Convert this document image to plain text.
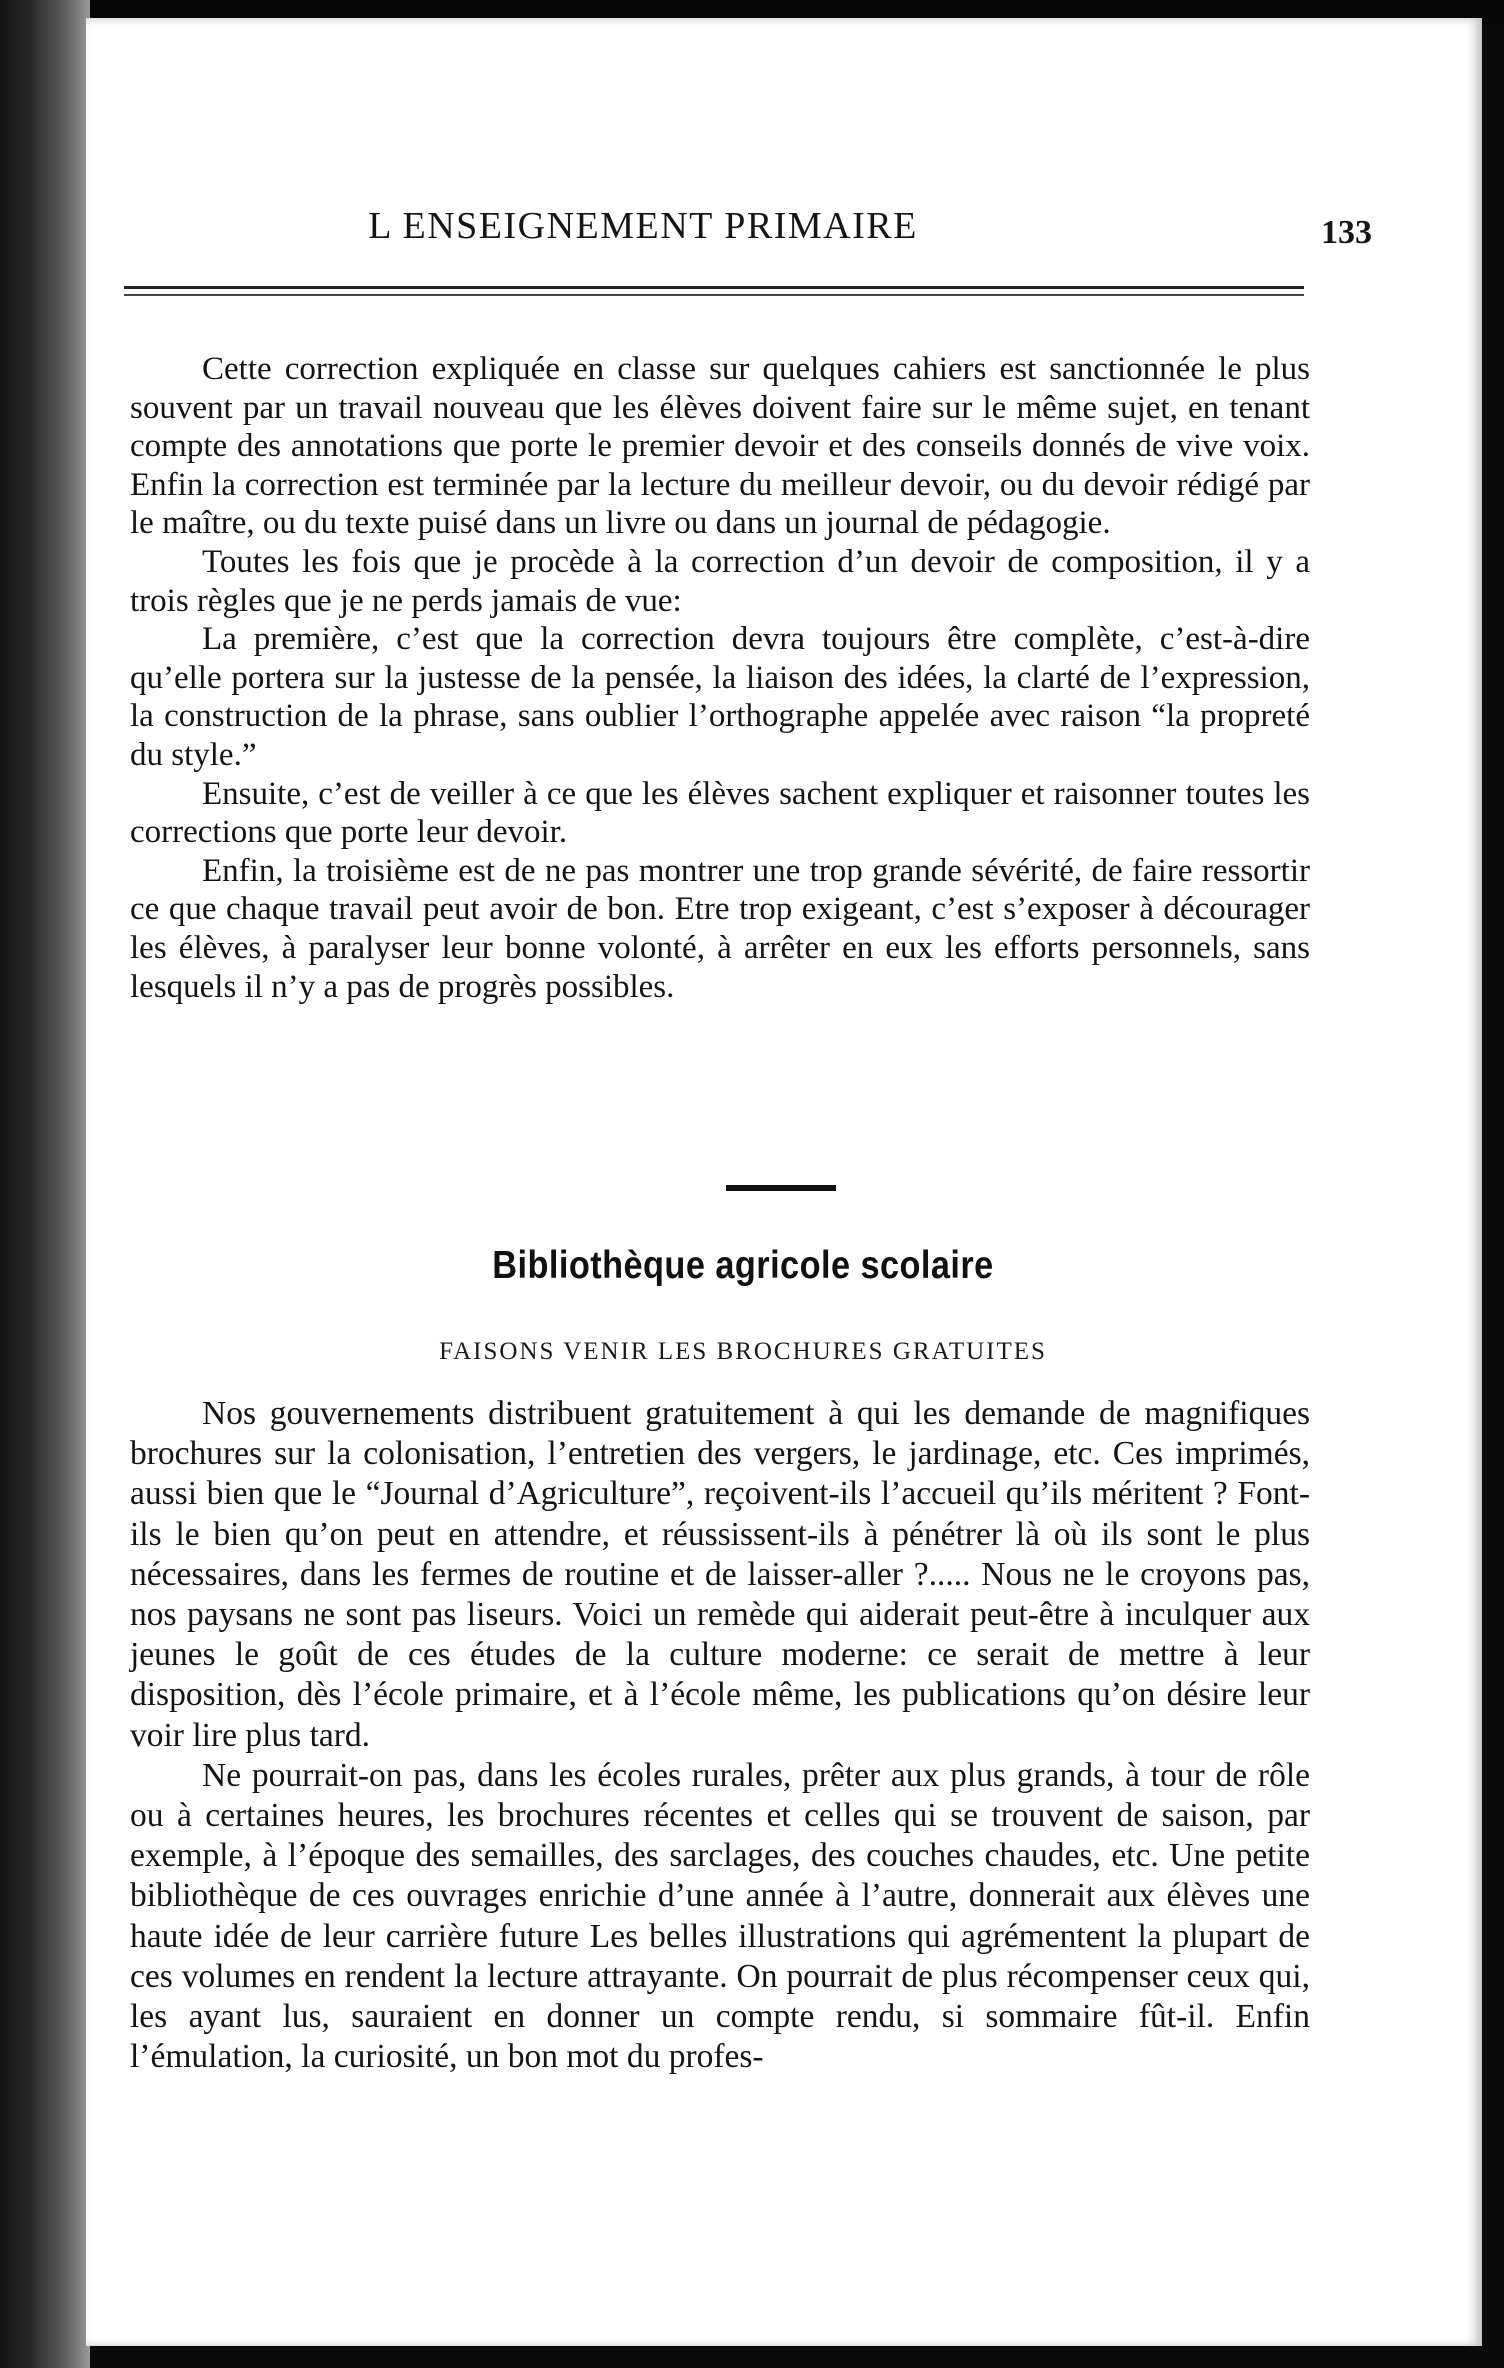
L ENSEIGNEMENT PRIMAIRE	133

Cette correction expliquée en classe sur quelques cahiers est sanctionnée le plus souvent par un travail nouveau que les élèves doivent faire sur le même sujet, en tenant compte des annotations que porte le premier devoir et des conseils donnés de vive voix. Enfin la correction est terminée par la lecture du meilleur devoir, ou du devoir rédigé par le maître, ou du texte puisé dans un livre ou dans un journal de pédagogie.

Toutes les fois que je procède à la correction d’un devoir de composition, il y a trois règles que je ne perds jamais de vue:

La première, c’est que la correction devra toujours être complète, c’est-à-dire qu’elle portera sur la justesse de la pensée, la liaison des idées, la clarté de l’expression, la construction de la phrase, sans oublier l’orthographe appelée avec raison “la propreté du style.”

Ensuite, c’est de veiller à ce que les élèves sachent expliquer et raisonner toutes les corrections que porte leur devoir.

Enfin, la troisième est de ne pas montrer une trop grande sévérité, de faire ressortir ce que chaque travail peut avoir de bon. Etre trop exigeant, c’est s’exposer à décourager les élèves, à paralyser leur bonne volonté, à arrêter en eux les efforts personnels, sans lesquels il n’y a pas de progrès possibles.

Bibliothèque agricole scolaire
FAISONS VENIR LES BROCHURES GRATUITES

Nos gouvernements distribuent gratuitement à qui les demande de magnifiques brochures sur la colonisation, l’entretien des vergers, le jardinage, etc. Ces imprimés, aussi bien que le “Journal d’Agriculture”, reçoivent-ils l’accueil qu’ils méritent ? Font-ils le bien qu’on peut en attendre, et réussissent-ils à pénétrer là où ils sont le plus nécessaires, dans les fermes de routine et de laisser-aller ?..... Nous ne le croyons pas, nos paysans ne sont pas liseurs. Voici un remède qui aiderait peut-être à inculquer aux jeunes le goût de ces études de la culture moderne: ce serait de mettre à leur disposition, dès l’école primaire, et à l’école même, les publications qu’on désire leur voir lire plus tard.

Ne pourrait-on pas, dans les écoles rurales, prêter aux plus grands, à tour de rôle ou à certaines heures, les brochures récentes et celles qui se trouvent de saison, par exemple, à l’époque des semailles, des sarclages, des couches chaudes, etc. Une petite bibliothèque de ces ouvrages enrichie d’une année à l’autre, donnerait aux élèves une haute idée de leur carrière future Les belles illustrations qui agrémentent la plupart de ces volumes en rendent la lecture attrayante. On pourrait de plus récompenser ceux qui, les ayant lus, sauraient en donner un compte rendu, si sommaire fût-il. Enfin l’émulation, la curiosité, un bon mot du profes-
